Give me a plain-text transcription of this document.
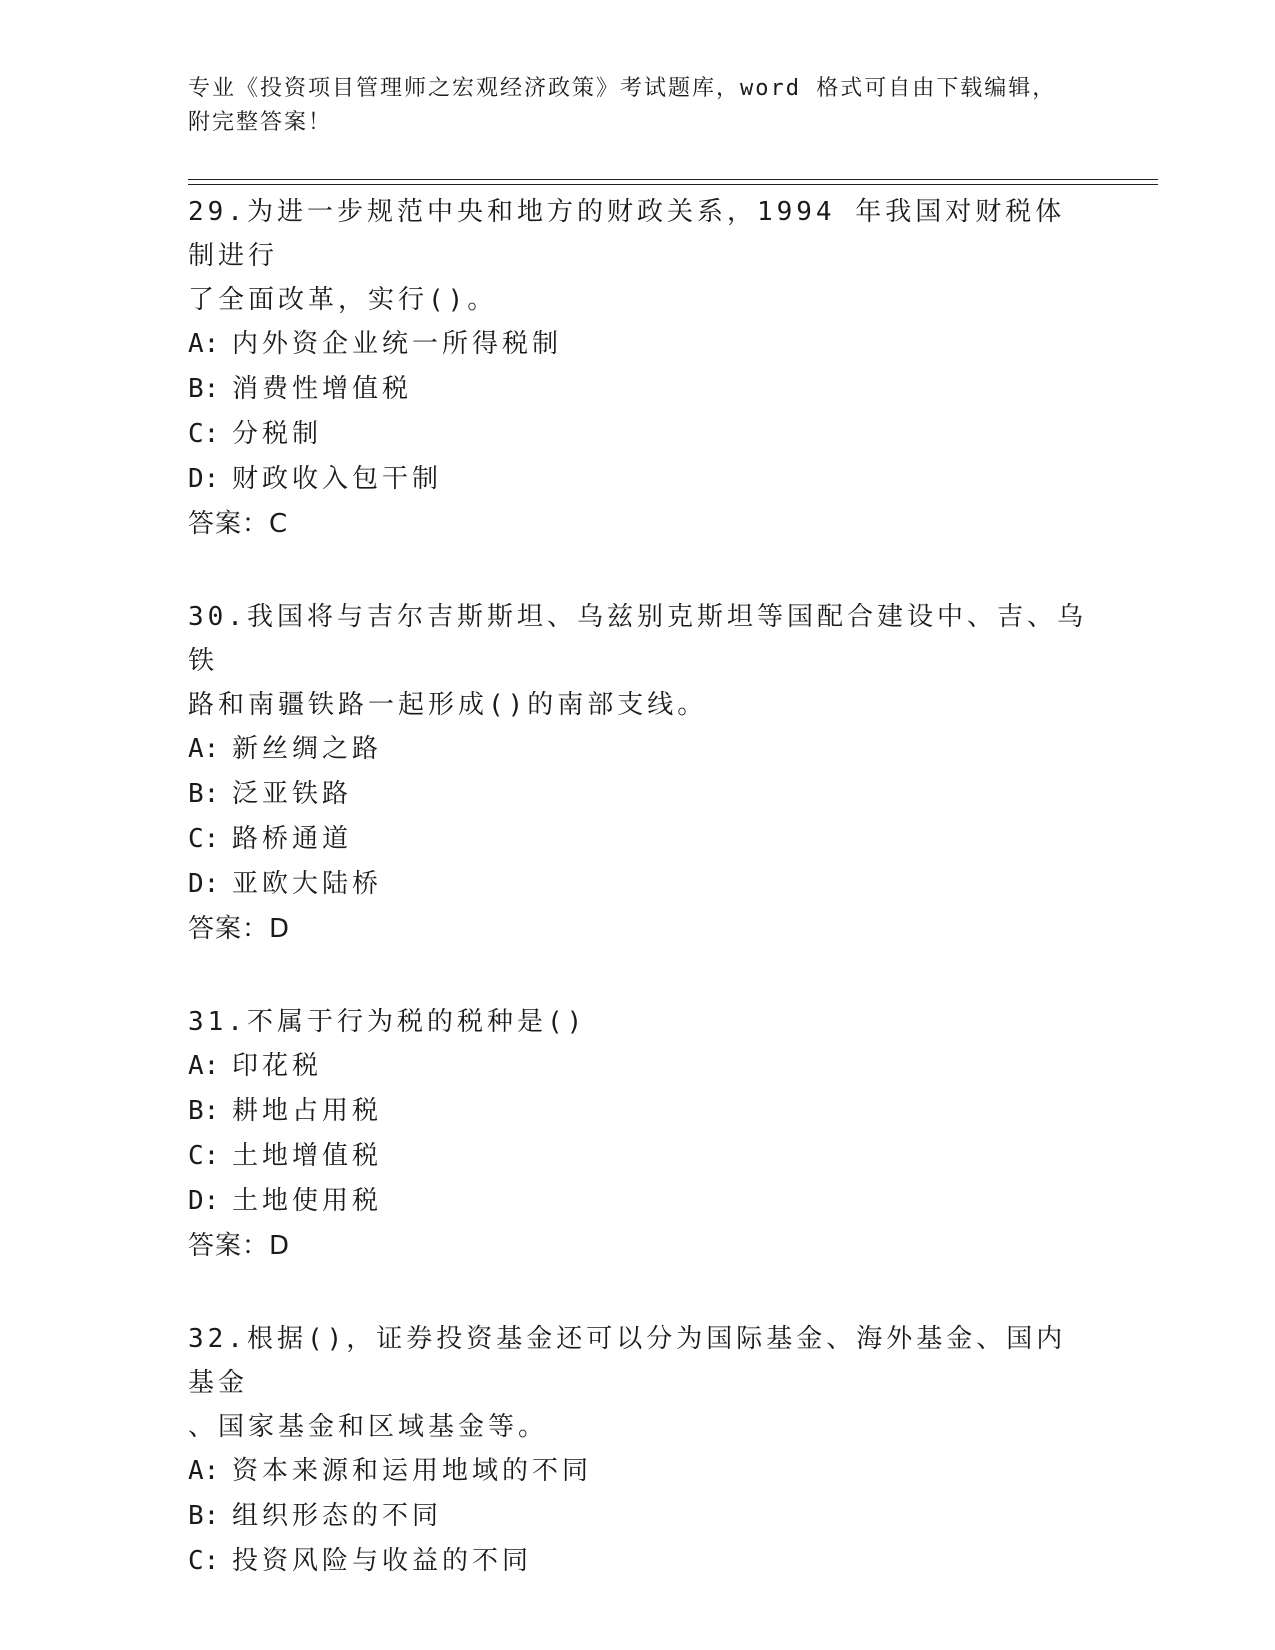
专业《投资项目管理师之宏观经济政策》考试题库，word 格式可自由下载编辑，
附完整答案！

29.为进一步规范中央和地方的财政关系，1994 年我国对财税体制进行

了全面改革，实行()。

A: 内外资企业统一所得税制

B: 消费性增值税

C: 分税制

D: 财政收入包干制

答案：C

30.我国将与吉尔吉斯斯坦、乌兹别克斯坦等国配合建设中、吉、乌铁

路和南疆铁路一起形成()的南部支线。

A: 新丝绸之路

B: 泛亚铁路

C: 路桥通道

D: 亚欧大陆桥

答案：D

31.不属于行为税的税种是()

A: 印花税

B: 耕地占用税

C: 土地增值税

D: 土地使用税

答案：D

32.根据()，证券投资基金还可以分为国际基金、海外基金、国内基金

、国家基金和区域基金等。

A: 资本来源和运用地域的不同

B: 组织形态的不同

C: 投资风险与收益的不同
